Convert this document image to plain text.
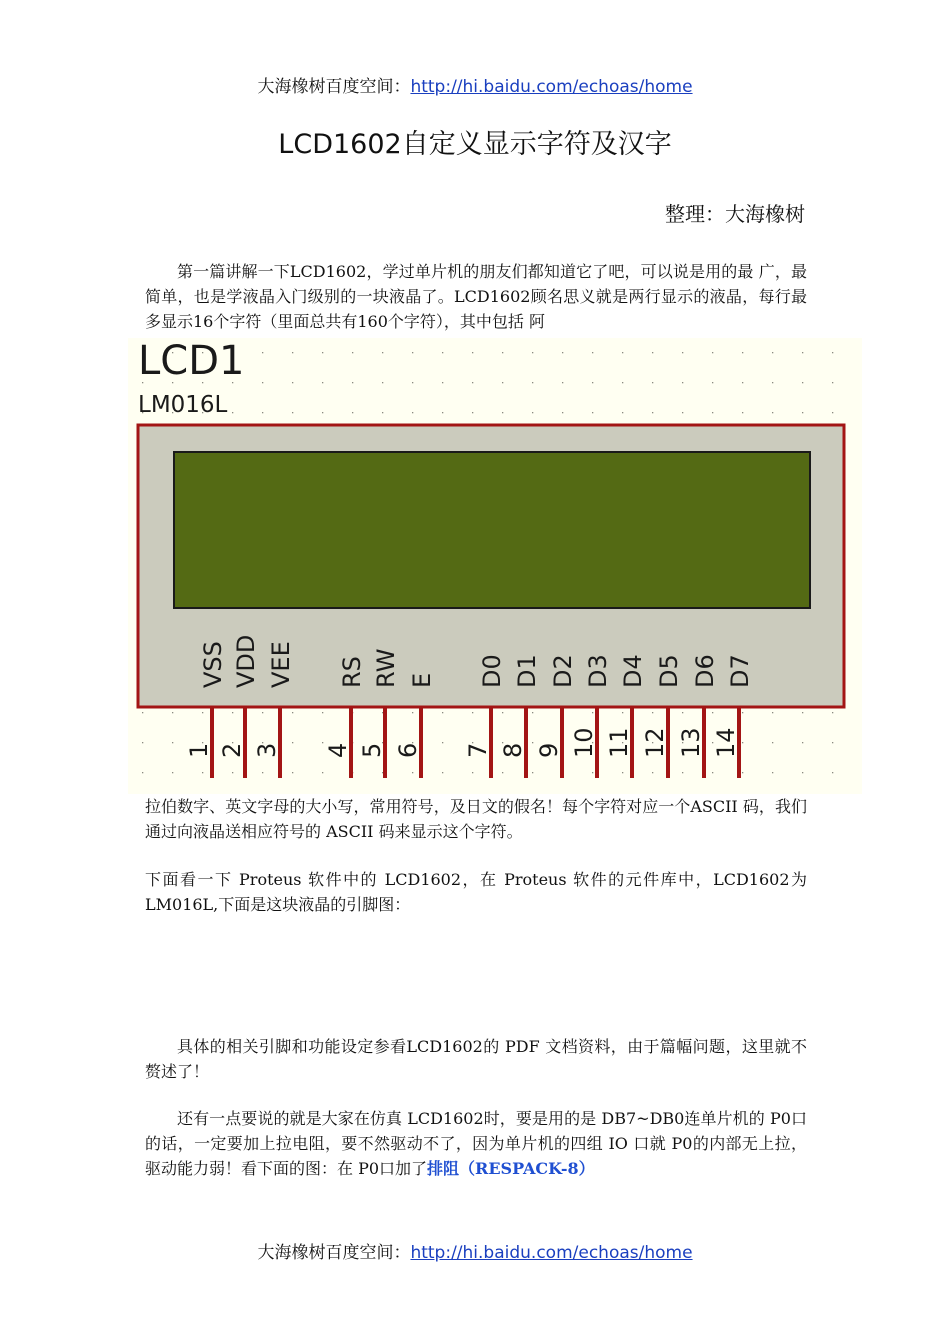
大海橡树百度空间：http://hi.baidu.com/echoas/home
LCD1602自定义显示字符及汉字
整理：大海橡树

第一篇讲解一下LCD1602，学过单片机的朋友们都知道它了吧，可以说是用的最 广，最简单，也是学液晶入门级别的一块液晶了。LCD1602顾名思义就是两行显示的液晶，每行最多显示16个字符（里面总共有160个字符），其中包括 阿

LCD1
LM016L
VSS
1
VDD
2
VEE
3
RS
4
RW
5
E
6
D0
7
D1
8
D2
9
D3
10
D4
11
D5
12
D6
13
D7
14

拉伯数字、英文字母的大小写，常用符号，及日文的假名！每个字符对应一个ASCII 码，我们通过向液晶送相应符号的 ASCII 码来显示这个字符。

下面看一下 Proteus 软件中的 LCD1602，在 Proteus 软件的元件库中，LCD1602为 LM016L,下面是这块液晶的引脚图：

具体的相关引脚和功能设定参看LCD1602的 PDF 文档资料，由于篇幅问题，这里就不赘述了！

还有一点要说的就是大家在仿真 LCD1602时，要是用的是 DB7~DB0连单片机的 P0口的话，一定要加上拉电阻，要不然驱动不了，因为单片机的四组 IO 口就 P0的内部无上拉，驱动能力弱！看下面的图：在 P0口加了排阻（RESPACK-8）

大海橡树百度空间：http://hi.baidu.com/echoas/home
